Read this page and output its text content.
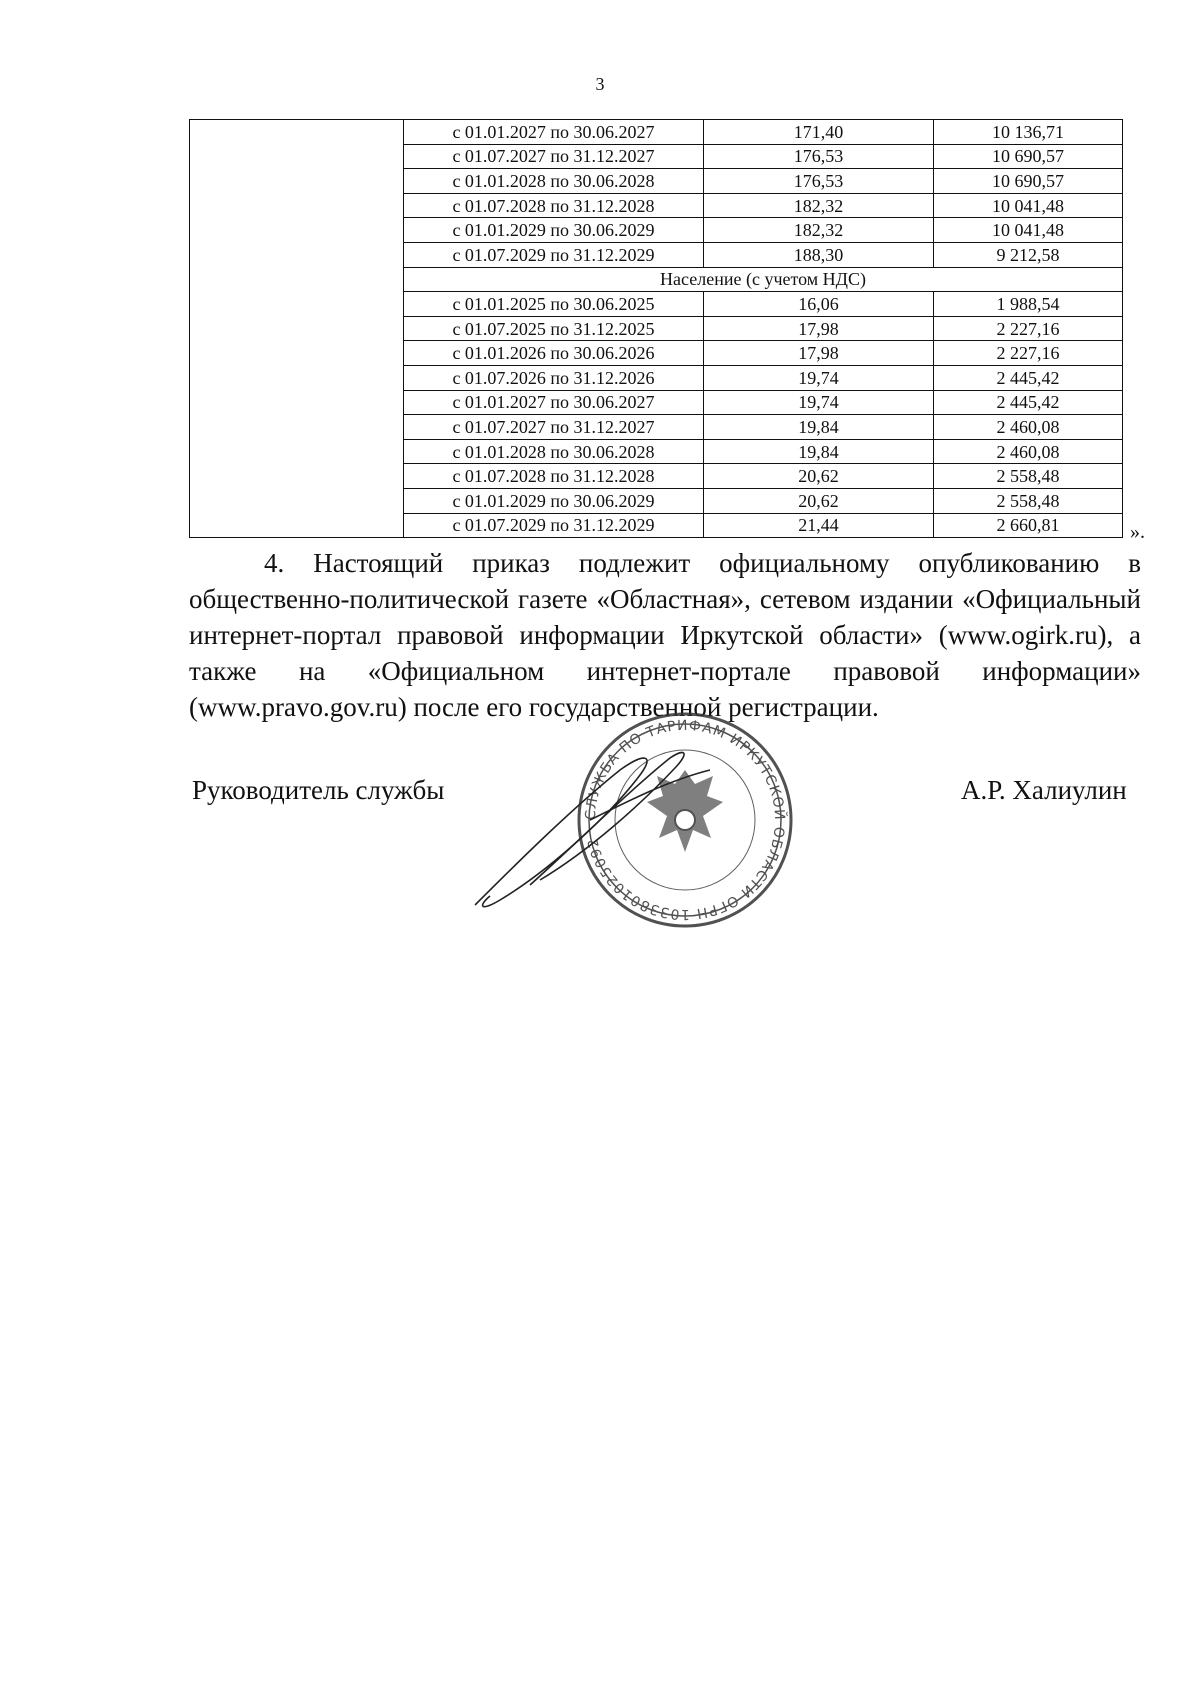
3
	с 01.01.2027 по 30.06.2027	171,40	10 136,71
	с 01.07.2027 по 31.12.2027	176,53	10 690,57
	с 01.01.2028 по 30.06.2028	176,53	10 690,57
	с 01.07.2028 по 31.12.2028	182,32	10 041,48
	с 01.01.2029 по 30.06.2029	182,32	10 041,48
	с 01.07.2029 по 31.12.2029	188,30	9 212,58
	Население (с учетом НДС)		
	с 01.01.2025 по 30.06.2025	16,06	1 988,54
	с 01.07.2025 по 31.12.2025	17,98	2 227,16
	с 01.01.2026 по 30.06.2026	17,98	2 227,16
	с 01.07.2026 по 31.12.2026	19,74	2 445,42
	с 01.01.2027 по 30.06.2027	19,74	2 445,42
	с 01.07.2027 по 31.12.2027	19,84	2 460,08
	с 01.01.2028 по 30.06.2028	19,84	2 460,08
	с 01.07.2028 по 31.12.2028	20,62	2 558,48
	с 01.01.2029 по 30.06.2029	20,62	2 558,48
	с 01.07.2029 по 31.12.2029	21,44	2 660,81	».

4. Настоящий приказ подлежит официальному опубликованию в общественно-политической газете «Областная», сетевом издании «Официальный интернет-портал правовой информации Иркутской области» (www.ogirk.ru), а также на «Официальном интернет-портале правовой информации» (www.pravo.gov.ru) после его государственной регистрации.

Руководитель службы	А.Р. Халиулин
СЛУЖБА ПО ТАРИФАМ ИРКУТСКОЙ ОБЛАСТИ ОГРН 1033801025092
